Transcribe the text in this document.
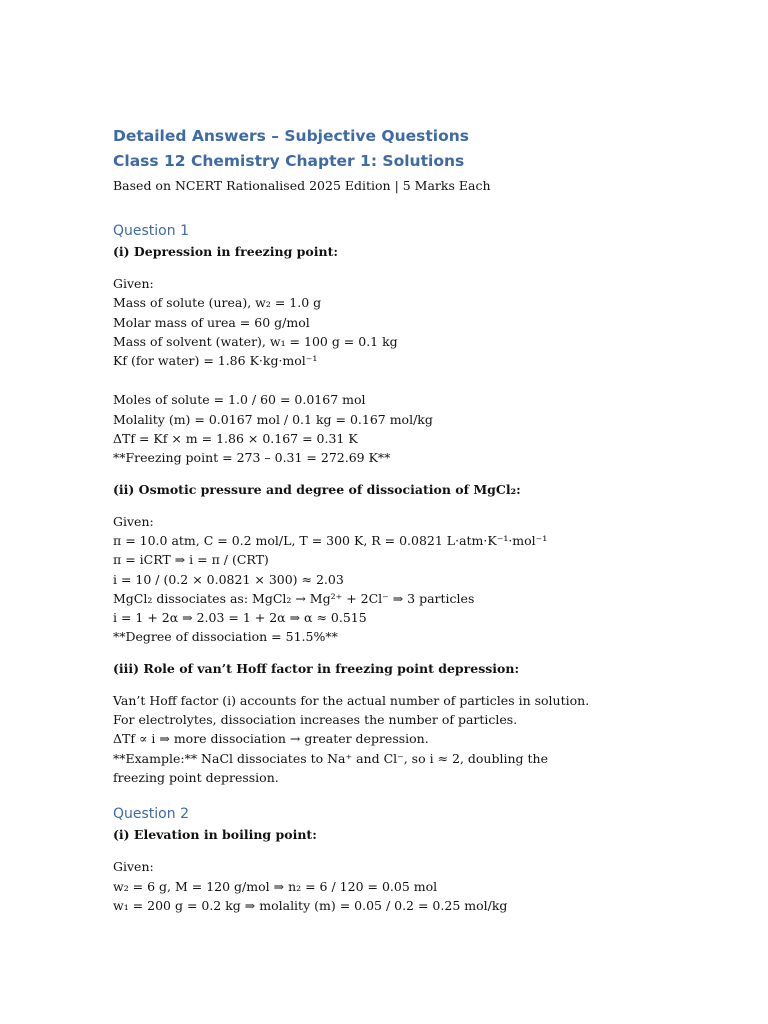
Detailed Answers – Subjective Questions
Class 12 Chemistry Chapter 1: Solutions
Based on NCERT Rationalised 2025 Edition | 5 Marks Each
Question 1
(i) Depression in freezing point:
Given:
Mass of solute (urea), w₂ = 1.0 g
Molar mass of urea = 60 g/mol
Mass of solvent (water), w₁ = 100 g = 0.1 kg
Kf (for water) = 1.86 K·kg·mol⁻¹
Moles of solute = 1.0 / 60 = 0.0167 mol
Molality (m) = 0.0167 mol / 0.1 kg = 0.167 mol/kg
ΔTf = Kf × m = 1.86 × 0.167 = 0.31 K
**Freezing point = 273 – 0.31 = 272.69 K**
(ii) Osmotic pressure and degree of dissociation of MgCl₂:
Given:
π = 10.0 atm, C = 0.2 mol/L, T = 300 K, R = 0.0821 L·atm·K⁻¹·mol⁻¹
π = iCRT ⇒ i = π / (CRT)
i = 10 / (0.2 × 0.0821 × 300) ≈ 2.03
MgCl₂ dissociates as: MgCl₂ → Mg²⁺ + 2Cl⁻ ⇒ 3 particles
i = 1 + 2α ⇒ 2.03 = 1 + 2α ⇒ α ≈ 0.515
**Degree of dissociation = 51.5%**
(iii) Role of van’t Hoff factor in freezing point depression:
Van’t Hoff factor (i) accounts for the actual number of particles in solution.
For electrolytes, dissociation increases the number of particles.
ΔTf ∝ i ⇒ more dissociation → greater depression.
**Example:** NaCl dissociates to Na⁺ and Cl⁻, so i ≈ 2, doubling the freezing point depression.
Question 2
(i) Elevation in boiling point:
Given:
w₂ = 6 g, M = 120 g/mol ⇒ n₂ = 6 / 120 = 0.05 mol
w₁ = 200 g = 0.2 kg ⇒ molality (m) = 0.05 / 0.2 = 0.25 mol/kg
